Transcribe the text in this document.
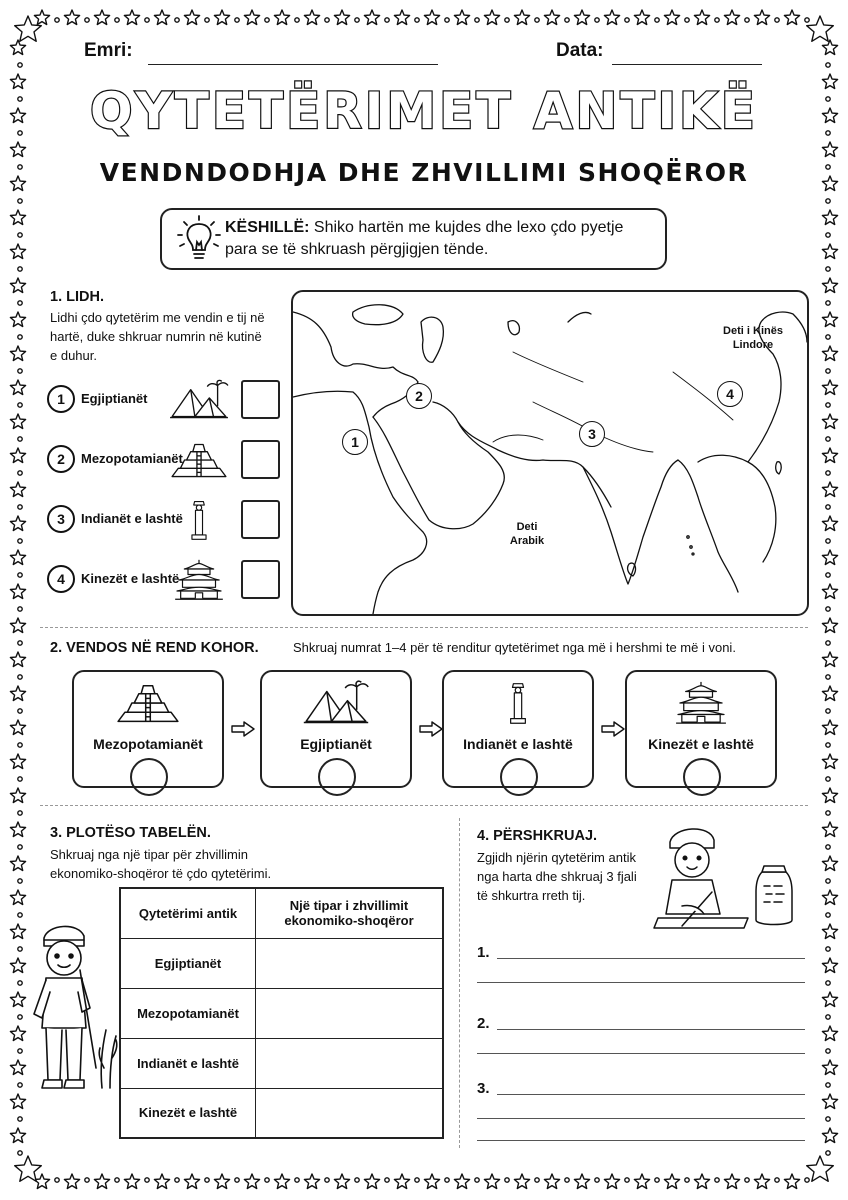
Emri:	Data:
QYTETËRIMET ANTIKË
VENDNDODHJA DHE ZHVILLIMI SHOQËROR
KËSHILLË: Shiko hartën me kujdes dhe lexo çdo pyetje para se të shkruash përgjigjen tënde.
1. LIDH.
Lidhi çdo qytetërim me vendin e tij në hartë, duke shkruar numrin në kutinë e duhur.
1	Egjiptianët
2	Mezopotamianët
3	Indianët e lashtë
4	Kinezët e lashtë
Deti i Kinës Lindore
Deti Arabik
1
2
3
4
2. VENDOS NË REND KOHOR.	Shkruaj numrat 1–4 për të renditur qytetërimet nga më i hershmi te më i voni.
Mezopotamianët	Egjiptianët	Indianët e lashtë	Kinezët e lashtë
3. PLOTËSO TABELËN.
Shkruaj nga një tipar për zhvillimin ekonomiko-shoqëror të çdo qytetërimi.
Qytetërimi antik	Një tipar i zhvillimit ekonomiko-shoqëror
Egjiptianët	
Mezopotamianët	
Indianët e lashtë	
Kinezët e lashtë	
4. PËRSHKRUAJ.
Zgjidh njërin qytetërim antik nga harta dhe shkruaj 3 fjali të shkurtra rreth tij.
1.
2.
3.
